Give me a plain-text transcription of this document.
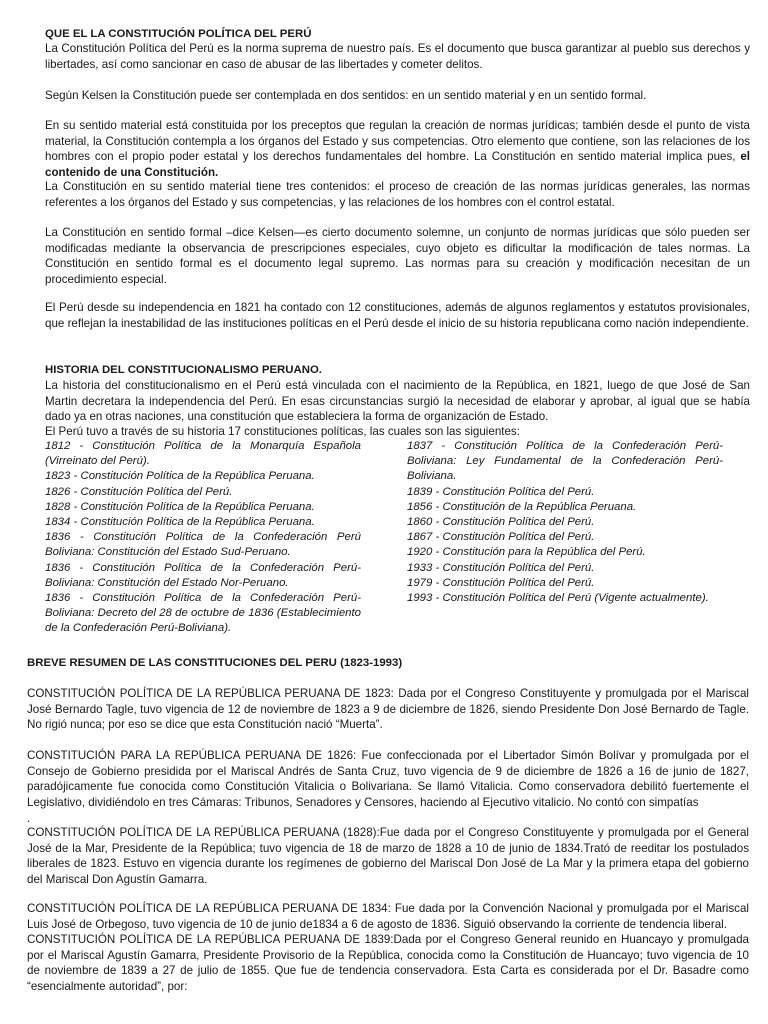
QUE EL LA CONSTITUCIÓN POLÍTICA DEL PERÚ

La Constitución Política del Perú es la norma suprema de nuestro país. Es el documento que busca garantizar al pueblo sus derechos y libertades, así como sancionar en caso de abusar de las libertades y cometer delitos.

Según Kelsen la Constitución puede ser contemplada en dos sentidos: en un sentido material y en un sentido formal.

En su sentido material está constituida por los preceptos que regulan la creación de normas jurídicas; también desde el punto de vista material, la Constitución contempla a los órganos del Estado y sus competencias. Otro elemento que contiene, son las relaciones de los hombres con el propio poder estatal y los derechos fundamentales del hombre. La Constitución en sentido material implica pues, el contenido de una Constitución.

La Constitución en su sentido material tiene tres contenidos: el proceso de creación de las normas jurídicas generales, las normas referentes a los órganos del Estado y sus competencias, y las relaciones de los hombres con el control estatal.

La Constitución en sentido formal –dice Kelsen—es cierto documento solemne, un conjunto de normas jurídicas que sólo pueden ser modificadas mediante la observancia de prescripciones especiales, cuyo objeto es dificultar la modificación de tales normas. La Constitución en sentido formal es el documento legal supremo. Las normas para su creación y modificación necesitan de un procedimiento especial.

El Perú desde su independencia en 1821 ha contado con 12 constituciones, además de algunos reglamentos y estatutos provisionales, que reflejan la inestabilidad de las instituciones políticas en el Perú desde el inicio de su historia republicana como nación independiente.

HISTORIA DEL CONSTITUCIONALISMO PERUANO.

La historia del constitucionalismo en el Perú está vinculada con el nacimiento de la República, en 1821, luego de que José de San Martin decretara la independencia del Perú. En esas circunstancias surgió la necesidad de elaborar y aprobar, al igual que se había dado ya en otras naciones, una constitución que estableciera la forma de organización de Estado.

El Perú tuvo a través de su historia 17 constituciones políticas, las cuales son las siguientes:

1812 - Constitución Política de la Monarquía Española (Virreinato del Perú).
1823 - Constitución Política de la República Peruana.
1826 - Constitución Política del Perú.
1828 - Constitución Política de la República Peruana.
1834 - Constitución Política de la República Peruana.
1836 - Constitución Política de la Confederación Perú Boliviana: Constitución del Estado Sud-Peruano.
1836 - Constitución Política de la Confederación Perú-Boliviana: Constitución del Estado Nor-Peruano.
1836 - Constitución Política de la Confederación Perú-Boliviana: Decreto del 28 de octubre de 1836 (Establecimiento de la Confederación Perú-Boliviana).
1837 - Constitución Política de la Confederación Perú-Boliviana: Ley Fundamental de la Confederación Perú-Boliviana.
1839 - Constitución Política del Perú.
1856 - Constitución de la República Peruana.
1860 - Constitución Política del Perú.
1867 - Constitución Política del Perú.
1920 - Constitución para la República del Perú.
1933 - Constitución Política del Perú.
1979 - Constitución Política del Perú.
1993 - Constitución Política del Perú (Vigente actualmente).

BREVE RESUMEN DE LAS CONSTITUCIONES DEL PERU (1823-1993)

CONSTITUCIÓN POLÍTICA DE LA REPÚBLICA PERUANA DE 1823: Dada por el Congreso Constituyente y promulgada por el Mariscal José Bernardo Tagle, tuvo vigencia de 12 de noviembre de 1823 a 9 de diciembre de 1826, siendo Presidente Don José Bernardo de Tagle. No rigió nunca; por eso se dice que esta Constitución nació “Muerta”.

CONSTITUCIÓN PARA LA REPÚBLICA PERUANA DE 1826: Fue confeccionada por el Libertador Simón Bolívar y promulgada por el Consejo de Gobierno presidida por el Mariscal Andrés de Santa Cruz, tuvo vigencia de 9 de diciembre de 1826 a 16 de junio de 1827, paradójicamente fue conocida como Constitución Vitalicia o Bolivariana. Se llamó Vitalicia. Como conservadora debilitó fuertemente el Legislativo, dividiéndolo en tres Cámaras: Tribunos, Senadores y Censores, haciendo al Ejecutivo vitalicio. No contó con simpatías

.

CONSTITUCIÓN POLÍTICA DE LA REPÚBLICA PERUANA (1828):Fue dada por el Congreso Constituyente y promulgada por el General José de la Mar, Presidente de la República; tuvo vigencia de 18 de marzo de 1828 a 10 de junio de 1834.Trató de reeditar los postulados liberales de 1823. Estuvo en vigencia durante los regímenes de gobierno del Mariscal Don José de La Mar y la primera etapa del gobierno del Mariscal Don Agustín Gamarra.

CONSTITUCIÓN POLÍTICA DE LA REPÚBLICA PERUANA DE 1834: Fue dada por la Convención Nacional y promulgada por el Mariscal Luis José de Orbegoso, tuvo vigencia de 10 de junio de1834 a 6 de agosto de 1836. Siguió observando la corriente de tendencia liberal.

CONSTITUCIÓN POLÍTICA DE LA REPÚBLICA PERUANA DE 1839:Dada por el Congreso General reunido en Huancayo y promulgada por el Mariscal Agustín Gamarra, Presidente Provisorio de la República, conocida como la Constitución de Huancayo; tuvo vigencia de 10 de noviembre de 1839 a 27 de julio de 1855. Que fue de tendencia conservadora. Esta Carta es considerada por el Dr. Basadre como “esencialmente autoridad”, por:
